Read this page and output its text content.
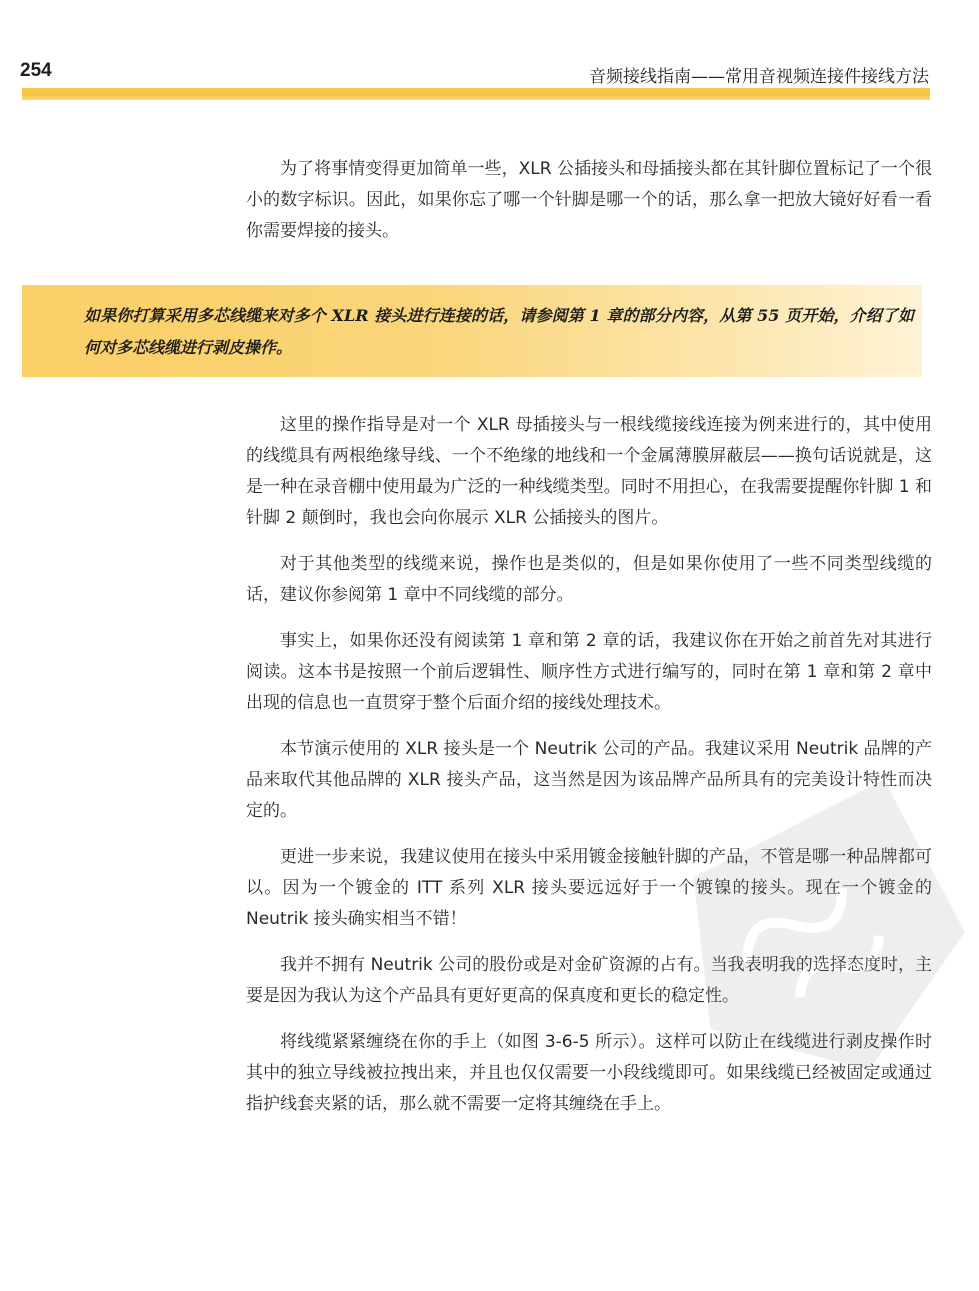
254	音频接线指南——常用音视频连接件接线方法

为了将事情变得更加简单一些，XLR 公插接头和母插接头都在其针脚位置标记了一个很小的数字标识。因此，如果你忘了哪一个针脚是哪一个的话，那么拿一把放大镜好好看一看你需要焊接的接头。

如果你打算采用多芯线缆来对多个 XLR 接头进行连接的话，请参阅第 1 章的部分内容，从第 55 页开始，介绍了如何对多芯线缆进行剥皮操作。

这里的操作指导是对一个 XLR 母插接头与一根线缆接线连接为例来进行的，其中使用的线缆具有两根绝缘导线、一个不绝缘的地线和一个金属薄膜屏蔽层——换句话说就是，这是一种在录音棚中使用最为广泛的一种线缆类型。同时不用担心，在我需要提醒你针脚 1 和针脚 2 颠倒时，我也会向你展示 XLR 公插接头的图片。

对于其他类型的线缆来说，操作也是类似的，但是如果你使用了一些不同类型线缆的话，建议你参阅第 1 章中不同线缆的部分。

事实上，如果你还没有阅读第 1 章和第 2 章的话，我建议你在开始之前首先对其进行阅读。这本书是按照一个前后逻辑性、顺序性方式进行编写的，同时在第 1 章和第 2 章中出现的信息也一直贯穿于整个后面介绍的接线处理技术。

本节演示使用的 XLR 接头是一个 Neutrik 公司的产品。我建议采用 Neutrik 品牌的产品来取代其他品牌的 XLR 接头产品，这当然是因为该品牌产品所具有的完美设计特性而决定的。

更进一步来说，我建议使用在接头中采用镀金接触针脚的产品，不管是哪一种品牌都可以。因为一个镀金的 ITT 系列 XLR 接头要远远好于一个镀镍的接头。现在一个镀金的 Neutrik 接头确实相当不错！

我并不拥有 Neutrik 公司的股份或是对金矿资源的占有。当我表明我的选择态度时，主要是因为我认为这个产品具有更好更高的保真度和更长的稳定性。

将线缆紧紧缠绕在你的手上（如图 3-6-5 所示）。这样可以防止在线缆进行剥皮操作时其中的独立导线被拉拽出来，并且也仅仅需要一小段线缆即可。如果线缆已经被固定或通过指护线套夹紧的话，那么就不需要一定将其缠绕在手上。
